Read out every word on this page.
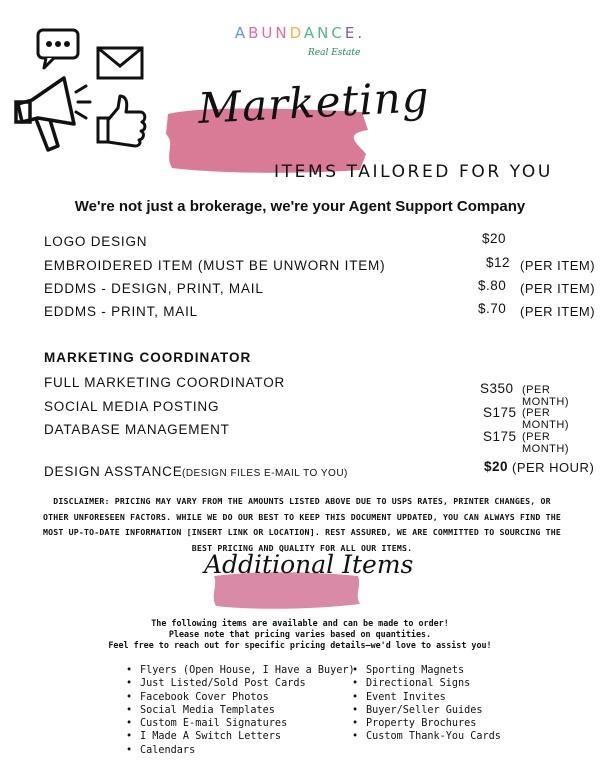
ABUNDANCE.
Real Estate
Marketing
ITEMS TAILORED FOR YOU
We're not just a brokerage, we're your Agent Support Company
LOGO DESIGN	$20
EMBROIDERED ITEM (MUST BE UNWORN ITEM)	$12 (PER ITEM)
EDDMS - DESIGN, PRINT, MAIL	$.80 (PER ITEM)
EDDMS - PRINT, MAIL	$.70 (PER ITEM)
MARKETING COORDINATOR
FULL MARKETING COORDINATOR	S350 (PER MONTH)
SOCIAL MEDIA POSTING	S175 (PER MONTH)
DATABASE MANAGEMENT	S175 (PER MONTH)
DESIGN ASSTANCE (DESIGN FILES E-MAIL TO YOU)	$20 (PER HOUR)
DISCLAIMER: PRICING MAY VARY FROM THE AMOUNTS LISTED ABOVE DUE TO USPS RATES, PRINTER CHANGES, OR OTHER UNFORESEEN FACTORS. WHILE WE DO OUR BEST TO KEEP THIS DOCUMENT UPDATED, YOU CAN ALWAYS FIND THE MOST UP-TO-DATE INFORMATION [INSERT LINK OR LOCATION]. REST ASSURED, WE ARE COMMITTED TO SOURCING THE BEST PRICING AND QUALITY FOR ALL OUR ITEMS.
Additional Items
The following items are available and can be made to order!
Please note that pricing varies based on quantities.
Feel free to reach out for specific pricing details—we'd love to assist you!
• Flyers (Open House, I Have a Buyer)
• Just Listed/Sold Post Cards
• Facebook Cover Photos
• Social Media Templates
• Custom E-mail Signatures
• I Made A Switch Letters
• Calendars
• Sporting Magnets
• Directional Signs
• Event Invites
• Buyer/Seller Guides
• Property Brochures
• Custom Thank-You Cards
